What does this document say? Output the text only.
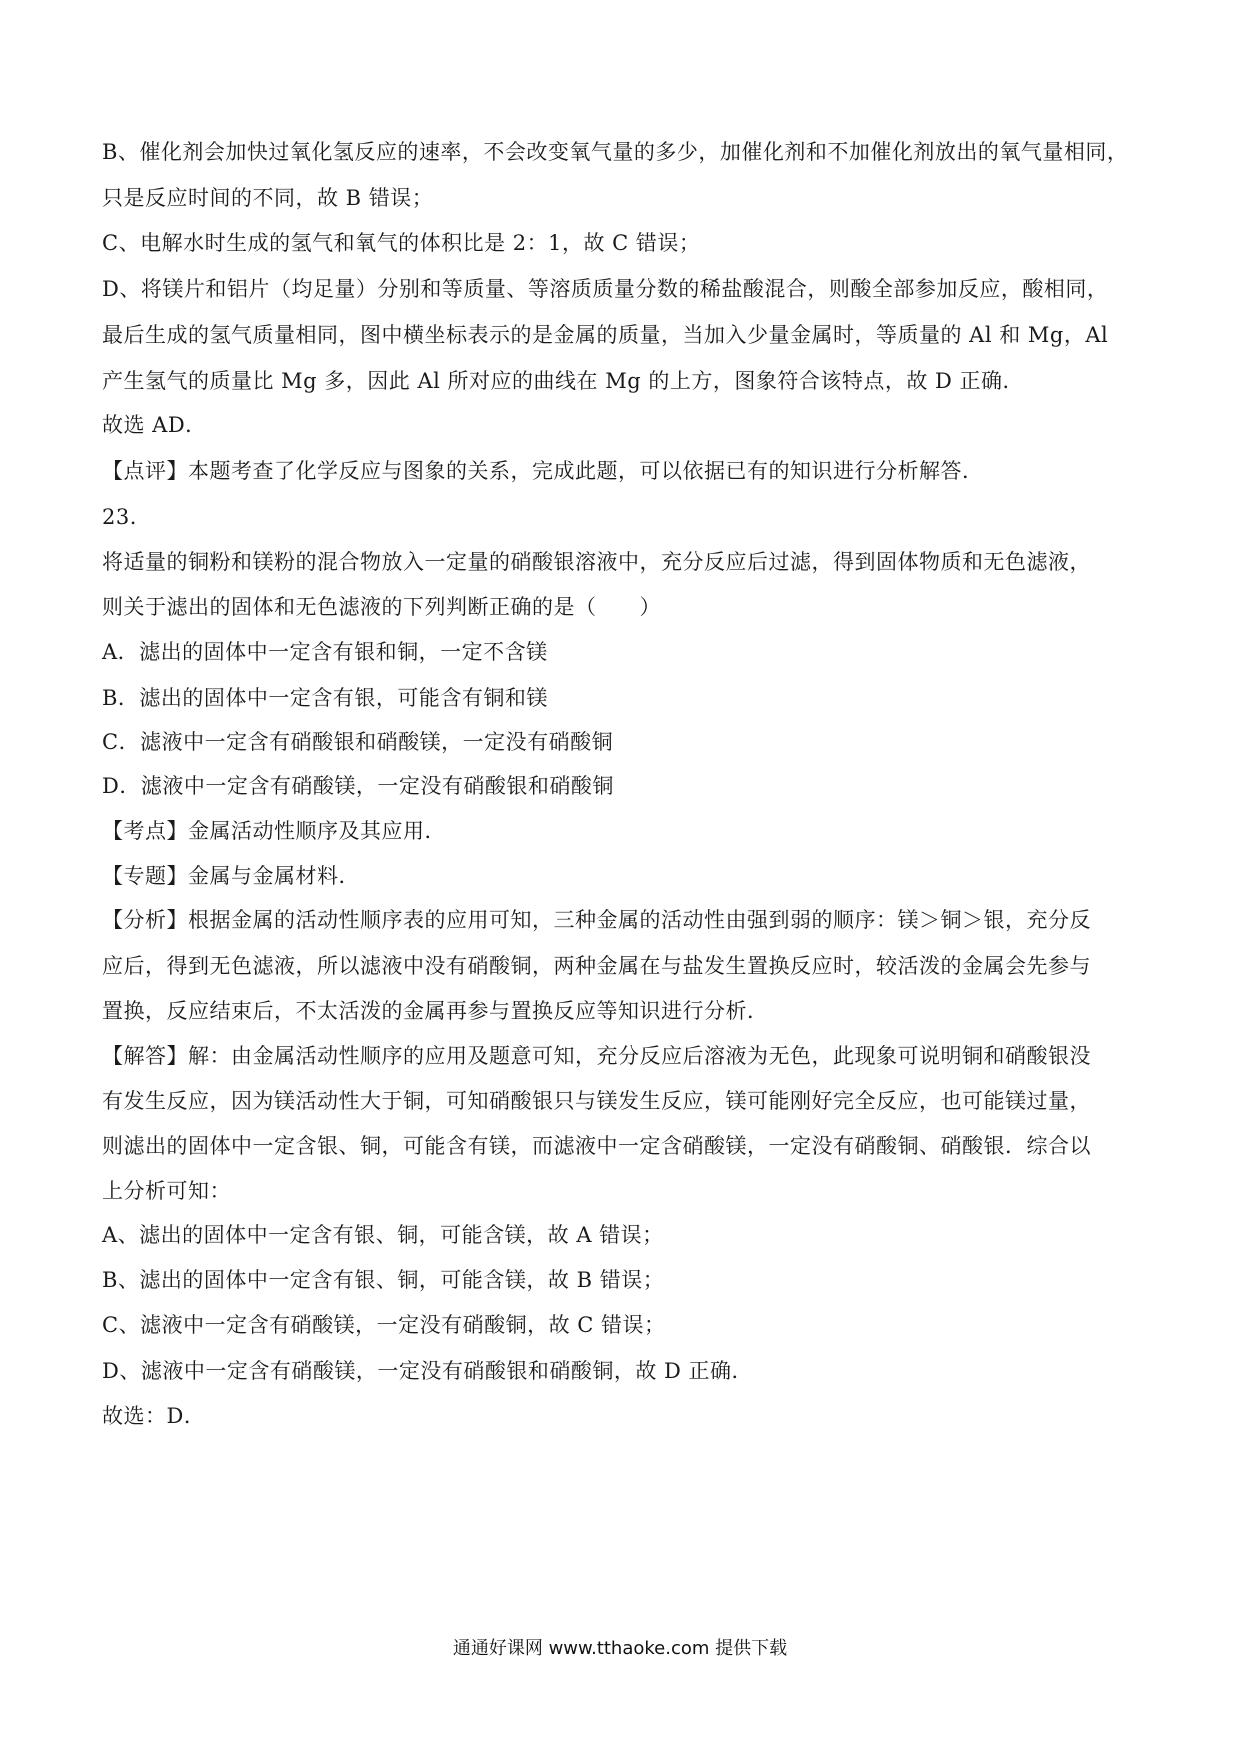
B、催化剂会加快过氧化氢反应的速率，不会改变氧气量的多少，加催化剂和不加催化剂放出的氧气量相同，
只是反应时间的不同，故 B 错误；
C、电解水时生成的氢气和氧气的体积比是 2：1，故 C 错误；
D、将镁片和铝片（均足量）分别和等质量、等溶质质量分数的稀盐酸混合，则酸全部参加反应，酸相同，
最后生成的氢气质量相同，图中横坐标表示的是金属的质量，当加入少量金属时，等质量的 Al 和 Mg，Al
产生氢气的质量比 Mg 多，因此 Al 所对应的曲线在 Mg 的上方，图象符合该特点，故 D 正确．
故选 AD．
【点评】本题考查了化学反应与图象的关系，完成此题，可以依据已有的知识进行分析解答．
23.
将适量的铜粉和镁粉的混合物放入一定量的硝酸银溶液中，充分反应后过滤，得到固体物质和无色滤液，
则关于滤出的固体和无色滤液的下列判断正确的是（　　）
A．滤出的固体中一定含有银和铜，一定不含镁
B．滤出的固体中一定含有银，可能含有铜和镁
C．滤液中一定含有硝酸银和硝酸镁，一定没有硝酸铜
D．滤液中一定含有硝酸镁，一定没有硝酸银和硝酸铜
【考点】金属活动性顺序及其应用．
【专题】金属与金属材料．
【分析】根据金属的活动性顺序表的应用可知，三种金属的活动性由强到弱的顺序：镁＞铜＞银，充分反
应后，得到无色滤液，所以滤液中没有硝酸铜，两种金属在与盐发生置换反应时，较活泼的金属会先参与
置换，反应结束后，不太活泼的金属再参与置换反应等知识进行分析．
【解答】解：由金属活动性顺序的应用及题意可知，充分反应后溶液为无色，此现象可说明铜和硝酸银没
有发生反应，因为镁活动性大于铜，可知硝酸银只与镁发生反应，镁可能刚好完全反应，也可能镁过量，
则滤出的固体中一定含银、铜，可能含有镁，而滤液中一定含硝酸镁，一定没有硝酸铜、硝酸银．综合以
上分析可知：
A、滤出的固体中一定含有银、铜，可能含镁，故 A 错误；
B、滤出的固体中一定含有银、铜，可能含镁，故 B 错误；
C、滤液中一定含有硝酸镁，一定没有硝酸铜，故 C 错误；
D、滤液中一定含有硝酸镁，一定没有硝酸银和硝酸铜，故 D 正确．
故选：D．
通通好课网 www.tthaoke.com 提供下载
